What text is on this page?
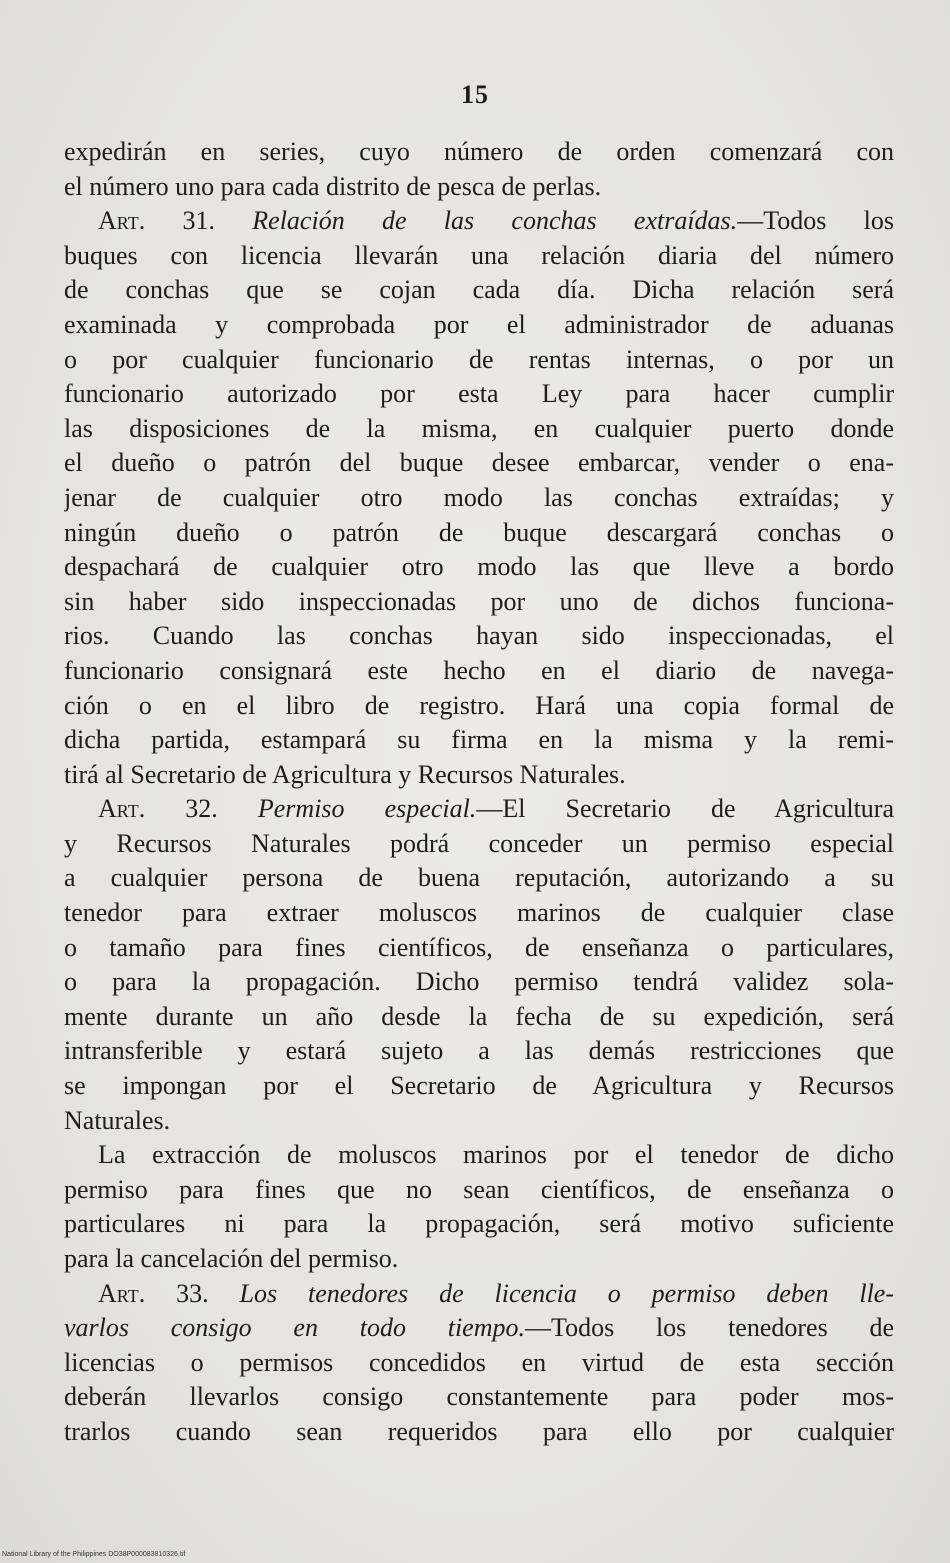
15
expedirán en series, cuyo número de orden comenzará con
el número uno para cada distrito de pesca de perlas.
Art. 31. Relación de las conchas extraídas.—Todos los
buques con licencia llevarán una relación diaria del número
de conchas que se cojan cada día. Dicha relación será
examinada y comprobada por el administrador de aduanas
o por cualquier funcionario de rentas internas, o por un
funcionario autorizado por esta Ley para hacer cumplir
las disposiciones de la misma, en cualquier puerto donde
el dueño o patrón del buque desee embarcar, vender o ena-
jenar de cualquier otro modo las conchas extraídas; y
ningún dueño o patrón de buque descargará conchas o
despachará de cualquier otro modo las que lleve a bordo
sin haber sido inspeccionadas por uno de dichos funciona-
rios. Cuando las conchas hayan sido inspeccionadas, el
funcionario consignará este hecho en el diario de navega-
ción o en el libro de registro. Hará una copia formal de
dicha partida, estampará su firma en la misma y la remi-
tirá al Secretario de Agricultura y Recursos Naturales.
Art. 32. Permiso especial.—El Secretario de Agricultura
y Recursos Naturales podrá conceder un permiso especial
a cualquier persona de buena reputación, autorizando a su
tenedor para extraer moluscos marinos de cualquier clase
o tamaño para fines científicos, de enseñanza o particulares,
o para la propagación. Dicho permiso tendrá validez sola-
mente durante un año desde la fecha de su expedición, será
intransferible y estará sujeto a las demás restricciones que
se impongan por el Secretario de Agricultura y Recursos
Naturales.
La extracción de moluscos marinos por el tenedor de dicho
permiso para fines que no sean científicos, de enseñanza o
particulares ni para la propagación, será motivo suficiente
para la cancelación del permiso.
Art. 33. Los tenedores de licencia o permiso deben lle-
varlos consigo en todo tiempo.—Todos los tenedores de
licencias o permisos concedidos en virtud de esta sección
deberán llevarlos consigo constantemente para poder mos-
trarlos cuando sean requeridos para ello por cualquier
National Library of the Philippines DO38P000083810326.tif
